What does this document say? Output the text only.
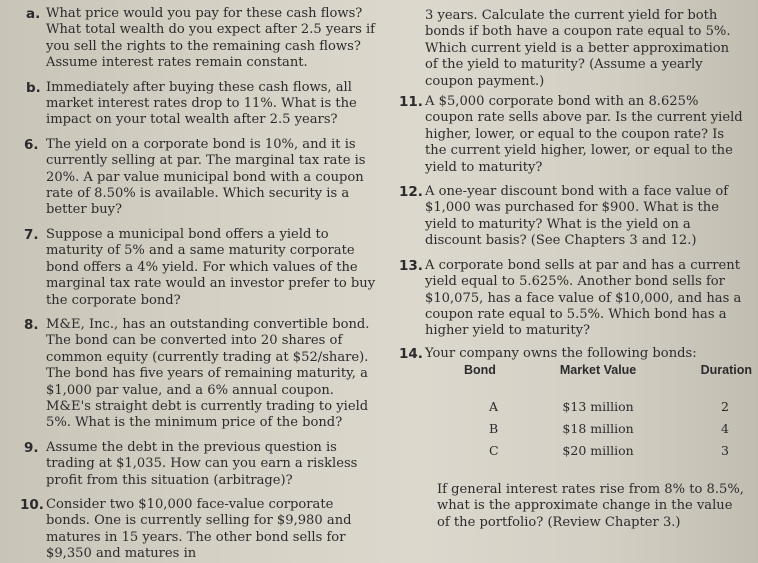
a. What price would you pay for these cash flows? What total wealth do you expect after 2.5 years if you sell the rights to the remaining cash flows? Assume interest rates remain constant.
b. Immediately after buying these cash flows, all market interest rates drop to 11%. What is the impact on your total wealth after 2.5 years?
6. The yield on a corporate bond is 10%, and it is currently selling at par. The marginal tax rate is 20%. A par value municipal bond with a coupon rate of 8.50% is available. Which security is a better buy?
7. Suppose a municipal bond offers a yield to maturity of 5% and a same maturity corporate bond offers a 4% yield. For which values of the marginal tax rate would an investor prefer to buy the corporate bond?
8. M&E, Inc., has an outstanding convertible bond. The bond can be converted into 20 shares of common equity (currently trading at $52/share). The bond has five years of remaining maturity, a $1,000 par value, and a 6% annual coupon. M&E's straight debt is currently trading to yield 5%. What is the minimum price of the bond?
9. Assume the debt in the previous question is trading at $1,035. How can you earn a riskless profit from this situation (arbitrage)?
10. Consider two $10,000 face-value corporate bonds. One is currently selling for $9,980 and matures in 15 years. The other bond sells for $9,350 and matures in
3 years. Calculate the current yield for both bonds if both have a coupon rate equal to 5%. Which current yield is a better approximation of the yield to maturity? (Assume a yearly coupon payment.)
11. A $5,000 corporate bond with an 8.625% coupon rate sells above par. Is the current yield higher, lower, or equal to the coupon rate? Is the current yield higher, lower, or equal to the yield to maturity?
12. A one-year discount bond with a face value of $1,000 was purchased for $900. What is the yield to maturity? What is the yield on a discount basis? (See Chapters 3 and 12.)
13. A corporate bond sells at par and has a current yield equal to 5.625%. Another bond sells for $10,075, has a face value of $10,000, and has a coupon rate equal to 5.5%. Which bond has a higher yield to maturity?
14. Your company owns the following bonds:
Bond	Market Value	Duration
A	$13 million	2
B	$18 million	4
C	$20 million	3
If general interest rates rise from 8% to 8.5%, what is the approximate change in the value of the portfolio? (Review Chapter 3.)
